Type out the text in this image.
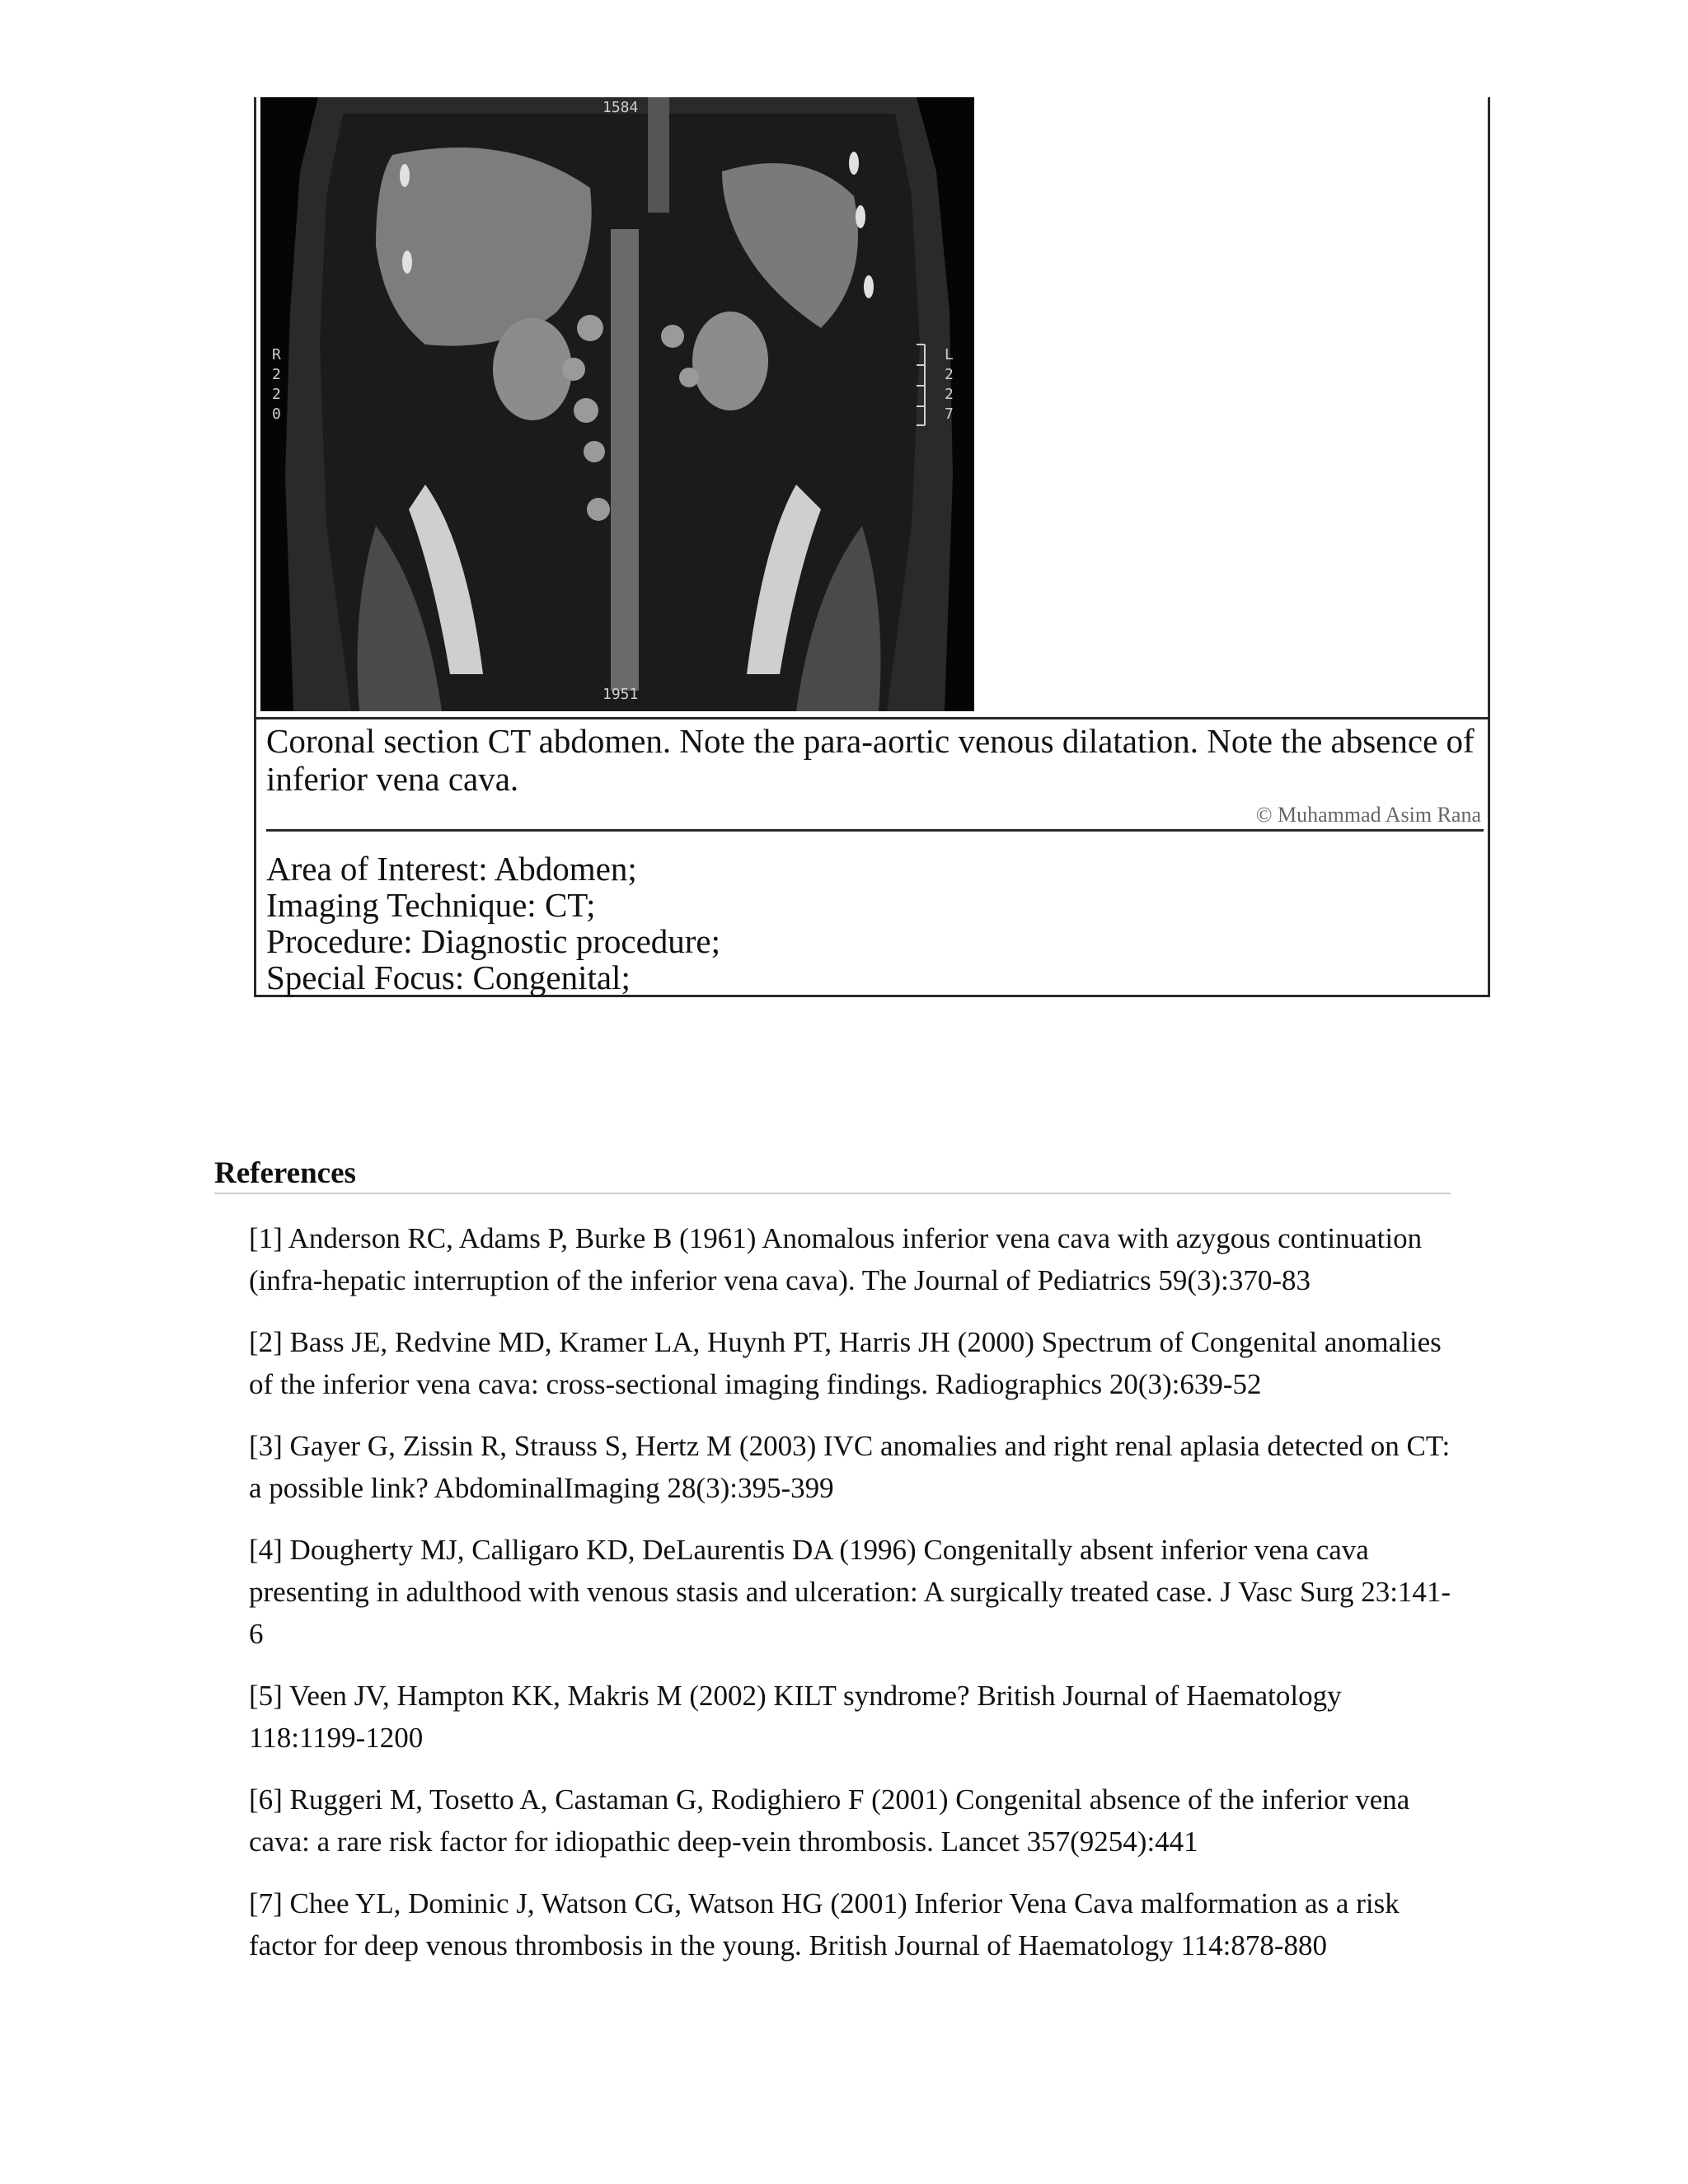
1584
1951
R
2
2
0
L
2
2
7
Coronal section CT abdomen. Note the para-aortic venous dilatation. Note the absence of inferior vena cava.
© Muhammad Asim Rana
Area of Interest: Abdomen;
Imaging Technique: CT;
Procedure: Diagnostic procedure;
Special Focus: Congenital;
References

[1] Anderson RC, Adams P, Burke B (1961) Anomalous inferior vena cava with azygous continuation (infra-hepatic interruption of the inferior vena cava). The Journal of Pediatrics 59(3):370-83

[2] Bass JE, Redvine MD, Kramer LA, Huynh PT, Harris JH (2000) Spectrum of Congenital anomalies of the inferior vena cava: cross-sectional imaging findings. Radiographics 20(3):639-52

[3] Gayer G, Zissin R, Strauss S, Hertz M (2003) IVC anomalies and right renal aplasia detected on CT: a possible link? AbdominalImaging 28(3):395-399

[4] Dougherty MJ, Calligaro KD, DeLaurentis DA (1996) Congenitally absent inferior vena cava presenting in adulthood with venous stasis and ulceration: A surgically treated case. J Vasc Surg 23:141-6

[5] Veen JV, Hampton KK, Makris M (2002) KILT syndrome? British Journal of Haematology 118:1199-1200

[6] Ruggeri M, Tosetto A, Castaman G, Rodighiero F (2001) Congenital absence of the inferior vena cava: a rare risk factor for idiopathic deep-vein thrombosis. Lancet 357(9254):441

[7] Chee YL, Dominic J, Watson CG, Watson HG (2001) Inferior Vena Cava malformation as a risk factor for deep venous thrombosis in the young. British Journal of Haematology 114:878-880
